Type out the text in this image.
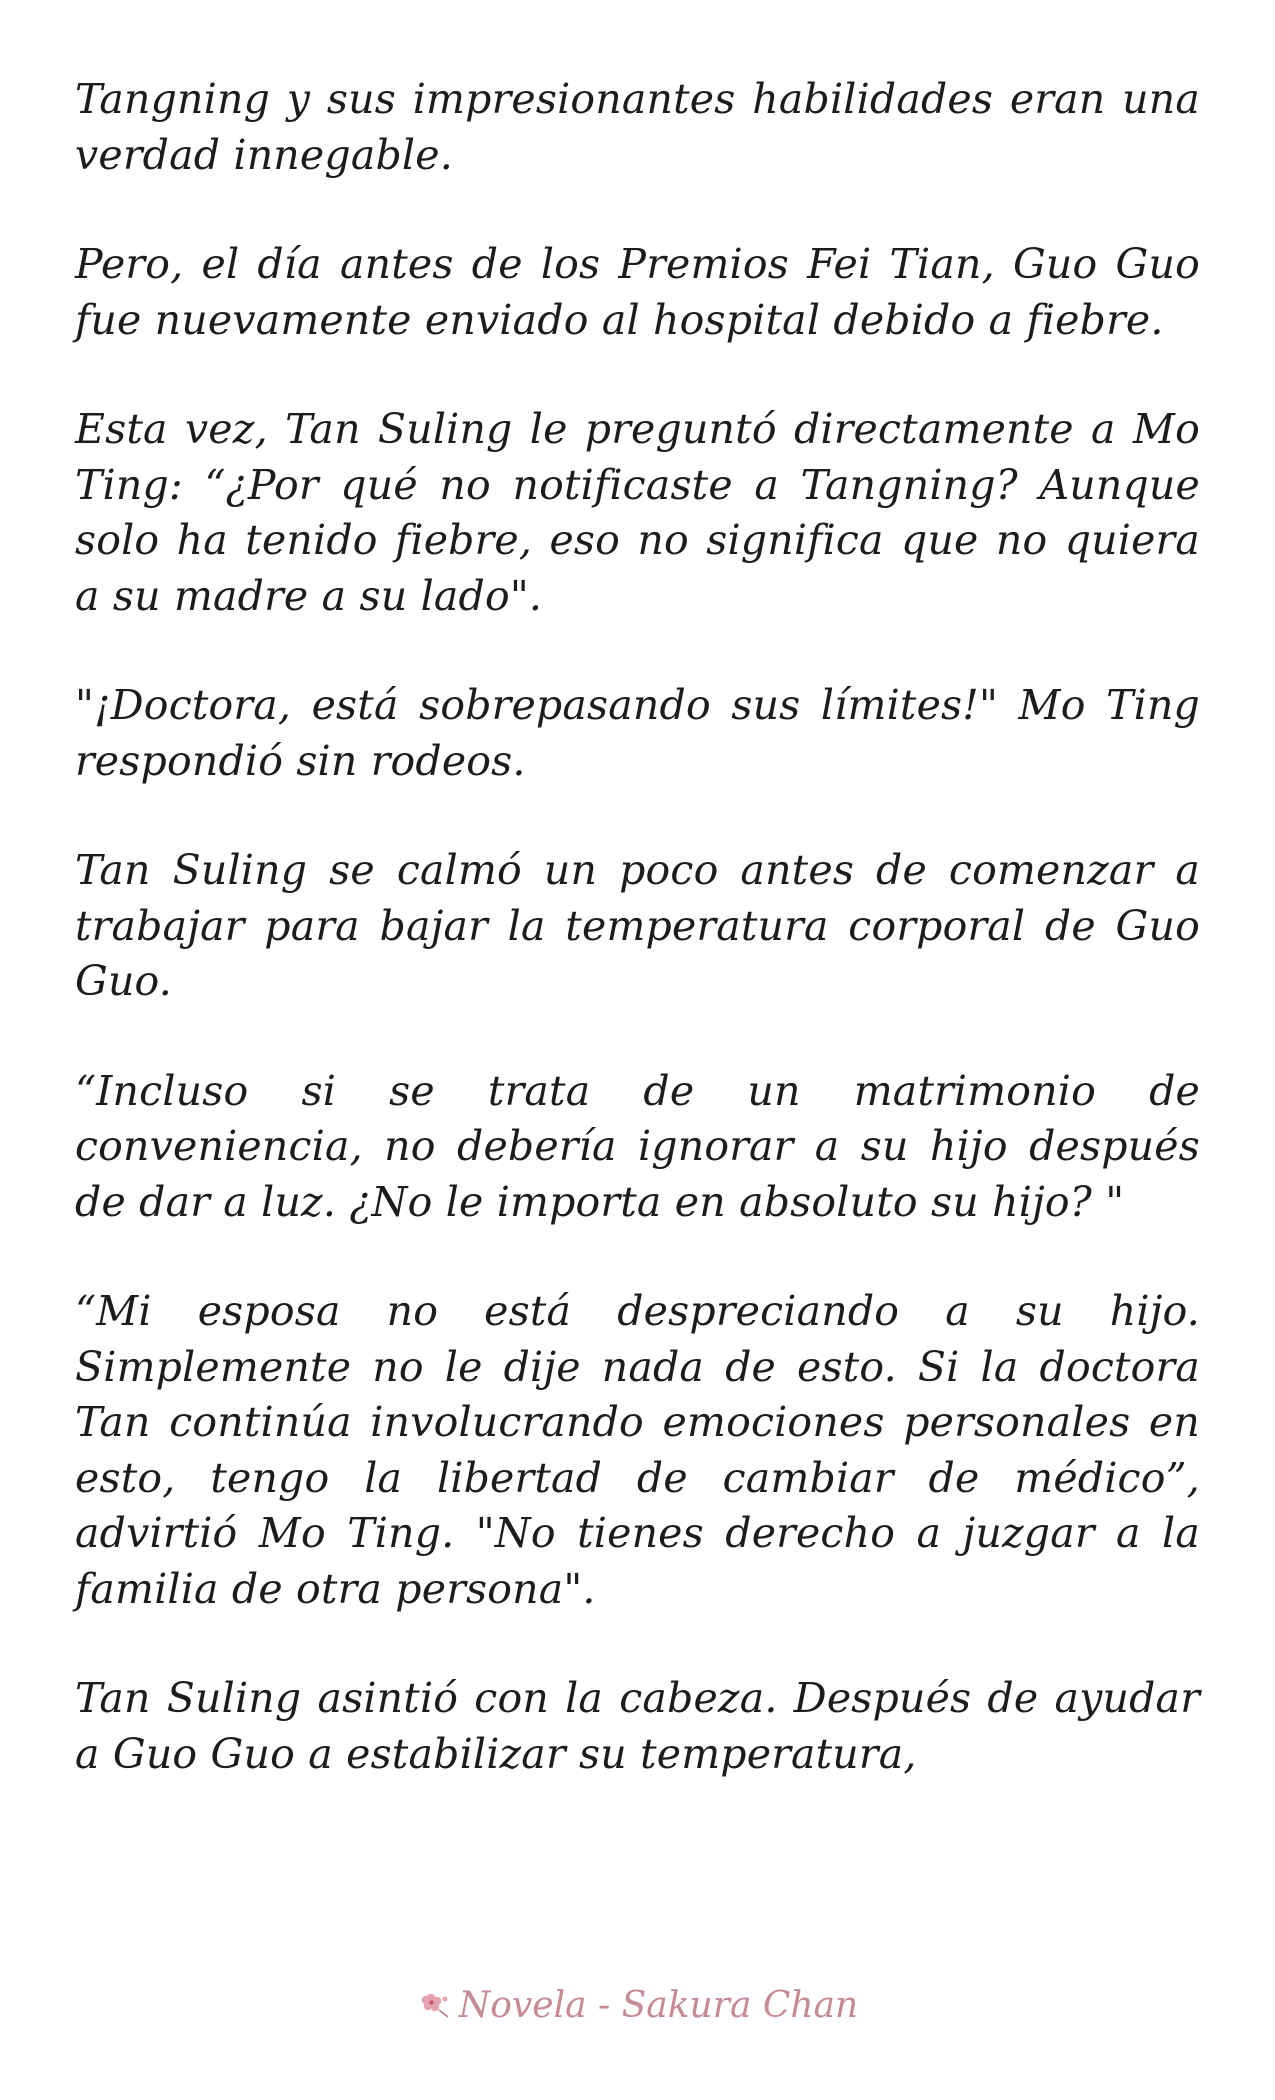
Tangning y sus impresionantes habilidades eran una verdad innegable.

Pero, el día antes de los Premios Fei Tian, Guo Guo fue nuevamente enviado al hospital debido a fiebre.

Esta vez, Tan Suling le preguntó directamente a Mo Ting: “¿Por qué no notificaste a Tangning? Aunque solo ha tenido fiebre, eso no significa que no quiera a su madre a su lado".

"¡Doctora, está sobrepasando sus límites!" Mo Ting respondió sin rodeos.

Tan Suling se calmó un poco antes de comenzar a trabajar para bajar la temperatura corporal de Guo Guo.

“Incluso si se trata de un matrimonio de conveniencia, no debería ignorar a su hijo después de dar a luz. ¿No le importa en absoluto su hijo? "

“Mi esposa no está despreciando a su hijo. Simplemente no le dije nada de esto. Si la doctora Tan continúa involucrando emociones personales en esto, tengo la libertad de cambiar de médico”, advirtió Mo Ting. "No tienes derecho a juzgar a la familia de otra persona".

Tan Suling asintió con la cabeza. Después de ayudar a Guo Guo a estabilizar su temperatura,

Novela - Sakura Chan
